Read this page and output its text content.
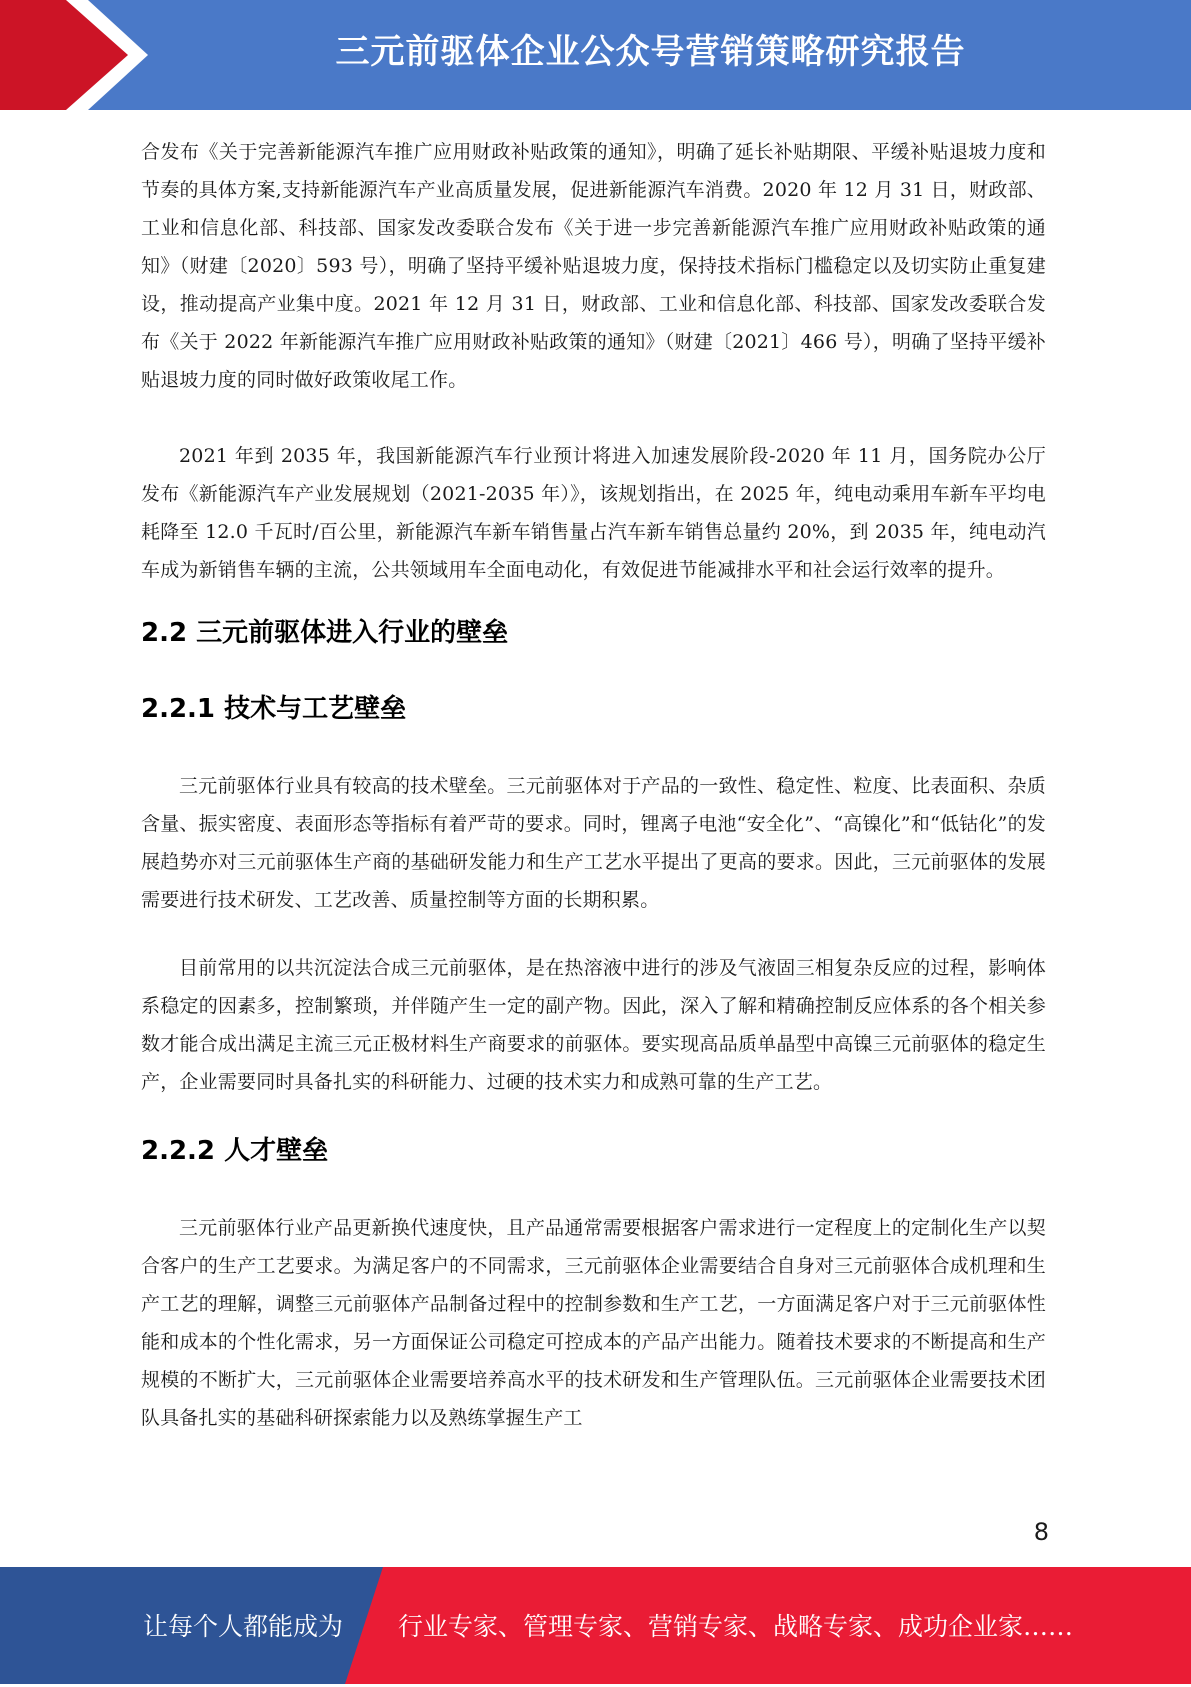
三元前驱体企业公众号营销策略研究报告

合发布《关于完善新能源汽车推广应用财政补贴政策的通知》，明确了延长补贴期限、平缓补贴退坡力度和节奏的具体方案,支持新能源汽车产业高质量发展，促进新能源汽车消费。2020 年 12 月 31 日，财政部、工业和信息化部、科技部、国家发改委联合发布《关于进一步完善新能源汽车推广应用财政补贴政策的通知》（财建〔2020〕593 号），明确了坚持平缓补贴退坡力度，保持技术指标门槛稳定以及切实防止重复建设，推动提高产业集中度。2021 年 12 月 31 日，财政部、工业和信息化部、科技部、国家发改委联合发布《关于 2022 年新能源汽车推广应用财政补贴政策的通知》（财建〔2021〕466 号），明确了坚持平缓补贴退坡力度的同时做好政策收尾工作。

2021 年到 2035 年，我国新能源汽车行业预计将进入加速发展阶段-2020 年 11 月，国务院办公厅发布《新能源汽车产业发展规划（2021-2035 年）》，该规划指出，在 2025 年，纯电动乘用车新车平均电耗降至 12.0 千瓦时/百公里，新能源汽车新车销售量占汽车新车销售总量约 20%，到 2035 年，纯电动汽车成为新销售车辆的主流，公共领域用车全面电动化，有效促进节能减排水平和社会运行效率的提升。

2.2 三元前驱体进入行业的壁垒
2.2.1 技术与工艺壁垒

三元前驱体行业具有较高的技术壁垒。三元前驱体对于产品的一致性、稳定性、粒度、比表面积、杂质含量、振实密度、表面形态等指标有着严苛的要求。同时，锂离子电池“安全化”、“高镍化”和“低钴化”的发展趋势亦对三元前驱体生产商的基础研发能力和生产工艺水平提出了更高的要求。因此，三元前驱体的发展需要进行技术研发、工艺改善、质量控制等方面的长期积累。

目前常用的以共沉淀法合成三元前驱体，是在热溶液中进行的涉及气液固三相复杂反应的过程，影响体系稳定的因素多，控制繁琐，并伴随产生一定的副产物。因此，深入了解和精确控制反应体系的各个相关参数才能合成出满足主流三元正极材料生产商要求的前驱体。要实现高品质单晶型中高镍三元前驱体的稳定生产，企业需要同时具备扎实的科研能力、过硬的技术实力和成熟可靠的生产工艺。

2.2.2 人才壁垒

三元前驱体行业产品更新换代速度快，且产品通常需要根据客户需求进行一定程度上的定制化生产以契合客户的生产工艺要求。为满足客户的不同需求，三元前驱体企业需要结合自身对三元前驱体合成机理和生产工艺的理解，调整三元前驱体产品制备过程中的控制参数和生产工艺，一方面满足客户对于三元前驱体性能和成本的个性化需求，另一方面保证公司稳定可控成本的产品产出能力。随着技术要求的不断提高和生产规模的不断扩大，三元前驱体企业需要培养高水平的技术研发和生产管理队伍。三元前驱体企业需要技术团队具备扎实的基础科研探索能力以及熟练掌握生产工

8
让每个人都能成为 行业专家、管理专家、营销专家、战略专家、成功企业家……
